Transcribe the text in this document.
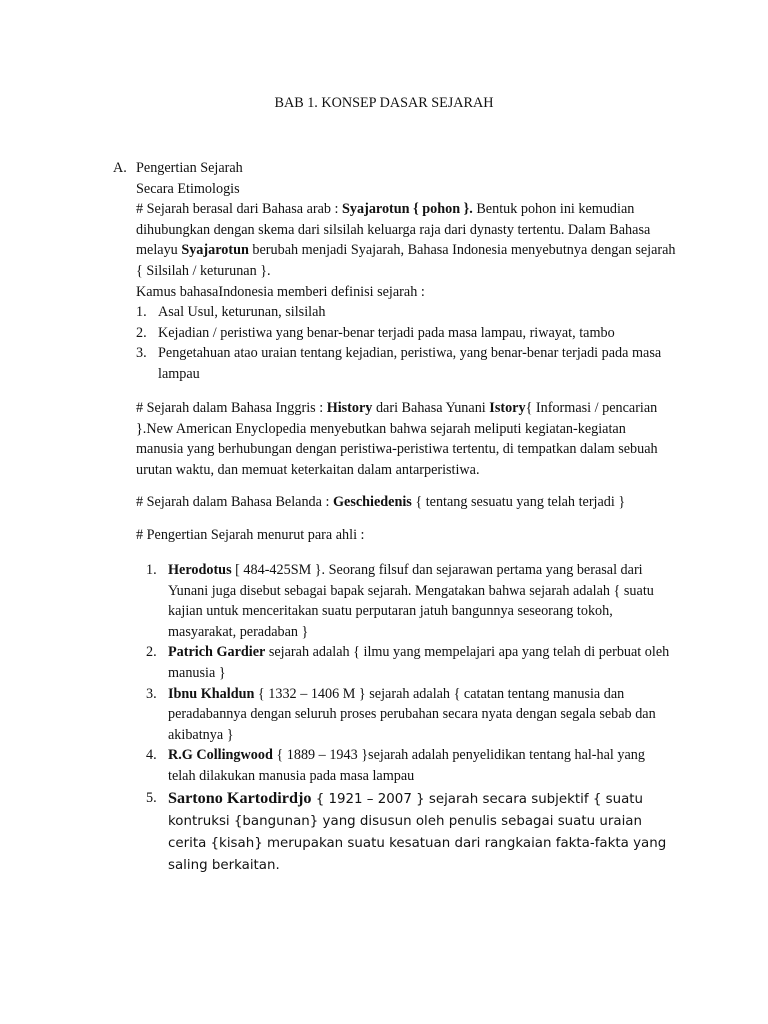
BAB 1. KONSEP DASAR SEJARAH
A. Pengertian Sejarah

Secara Etimologis

# Sejarah berasal dari Bahasa arab : Syajarotun { pohon }. Bentuk pohon ini kemudian dihubungkan dengan skema dari silsilah keluarga raja dari dynasty tertentu. Dalam Bahasa melayu Syajarotun berubah menjadi Syajarah, Bahasa Indonesia menyebutnya dengan sejarah { Silsilah / keturunan }.

Kamus bahasaIndonesia memberi definisi sejarah :

1. Asal Usul, keturunan, silsilah
2. Kejadian / peristiwa yang benar-benar terjadi pada masa lampau, riwayat, tambo
3. Pengetahuan atao uraian tentang kejadian, peristiwa, yang benar-benar terjadi pada masa lampau

# Sejarah dalam Bahasa Inggris : History dari Bahasa Yunani Istory{ Informasi / pencarian }.New American Enyclopedia menyebutkan bahwa sejarah meliputi kegiatan-kegiatan manusia yang berhubungan dengan peristiwa-peristiwa tertentu, di tempatkan dalam sebuah urutan waktu, dan memuat keterkaitan dalam antarperistiwa.

# Sejarah dalam Bahasa Belanda : Geschiedenis { tentang sesuatu yang telah terjadi }

# Pengertian Sejarah menurut para ahli :

1. Herodotus [ 484-425SM }. Seorang filsuf dan sejarawan pertama yang berasal dari Yunani juga disebut sebagai bapak sejarah. Mengatakan bahwa sejarah adalah { suatu kajian untuk menceritakan suatu perputaran jatuh bangunnya seseorang tokoh, masyarakat, peradaban }
2. Patrich Gardier sejarah adalah { ilmu yang mempelajari apa yang telah di perbuat oleh manusia }
3. Ibnu Khaldun { 1332 – 1406 M } sejarah adalah { catatan tentang manusia dan peradabannya dengan seluruh proses perubahan secara nyata dengan segala sebab dan akibatnya }
4. R.G Collingwood { 1889 – 1943 }sejarah adalah penyelidikan tentang hal-hal yang telah dilakukan manusia pada masa lampau
5. Sartono Kartodirdjo { 1921 – 2007 } sejarah secara subjektif { suatu kontruksi {bangunan} yang disusun oleh penulis sebagai suatu uraian cerita {kisah} merupakan suatu kesatuan dari rangkaian fakta-fakta yang saling berkaitan.
